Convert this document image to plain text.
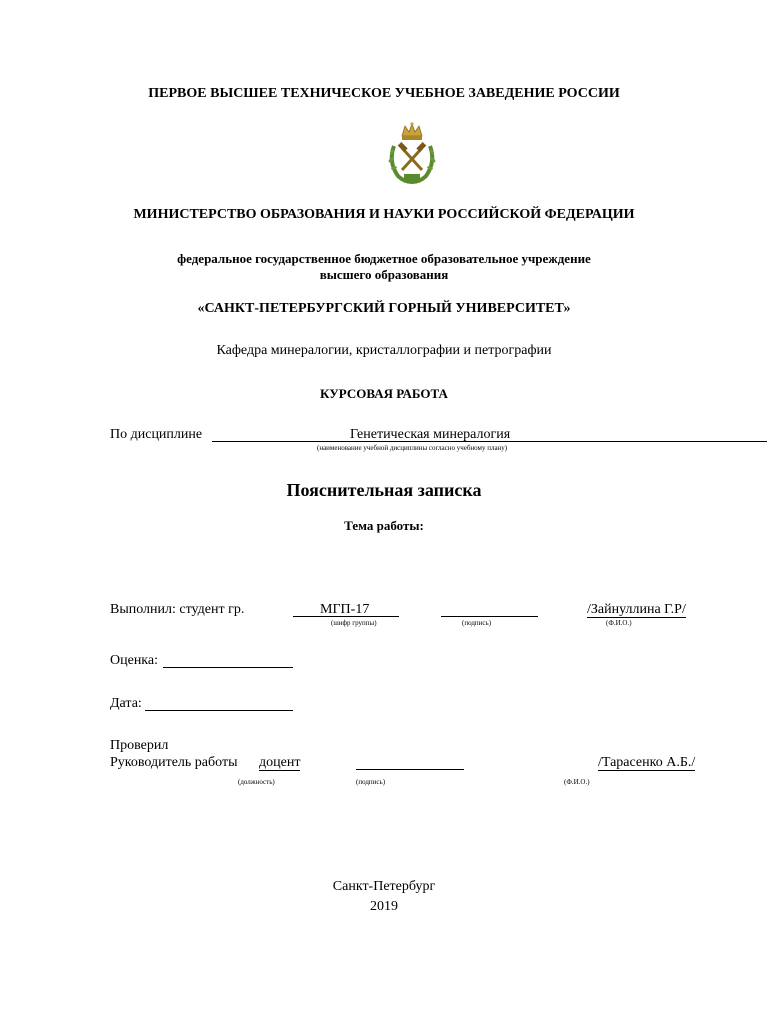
ПЕРВОЕ ВЫСШЕЕ ТЕХНИЧЕСКОЕ УЧЕБНОЕ ЗАВЕДЕНИЕ РОССИИ
МИНИСТЕРСТВО ОБРАЗОВАНИЯ И НАУКИ РОССИЙСКОЙ ФЕДЕРАЦИИ
федеральное государственное бюджетное образовательное учреждение
высшего образования
«САНКТ-ПЕТЕРБУРГСКИЙ ГОРНЫЙ УНИВЕРСИТЕТ»
Кафедра минералогии, кристаллографии и петрографии
КУРСОВАЯ РАБОТА
По дисциплине	Генетическая минералогия
(наименование учебной дисциплины согласно учебному плану)
Пояснительная записка
Тема работы:
Выполнил: студент гр.	МГП-17
(шифр группы)	(подпись)
/Зайнуллина Г.Р/
(Ф.И.О.)
Оценка:
Дата:
Проверил
Руководитель работы доцент
(должность)	(подпись)
/Тарасенко А.Б./
(Ф.И.О.)
Санкт-Петербург
2019
